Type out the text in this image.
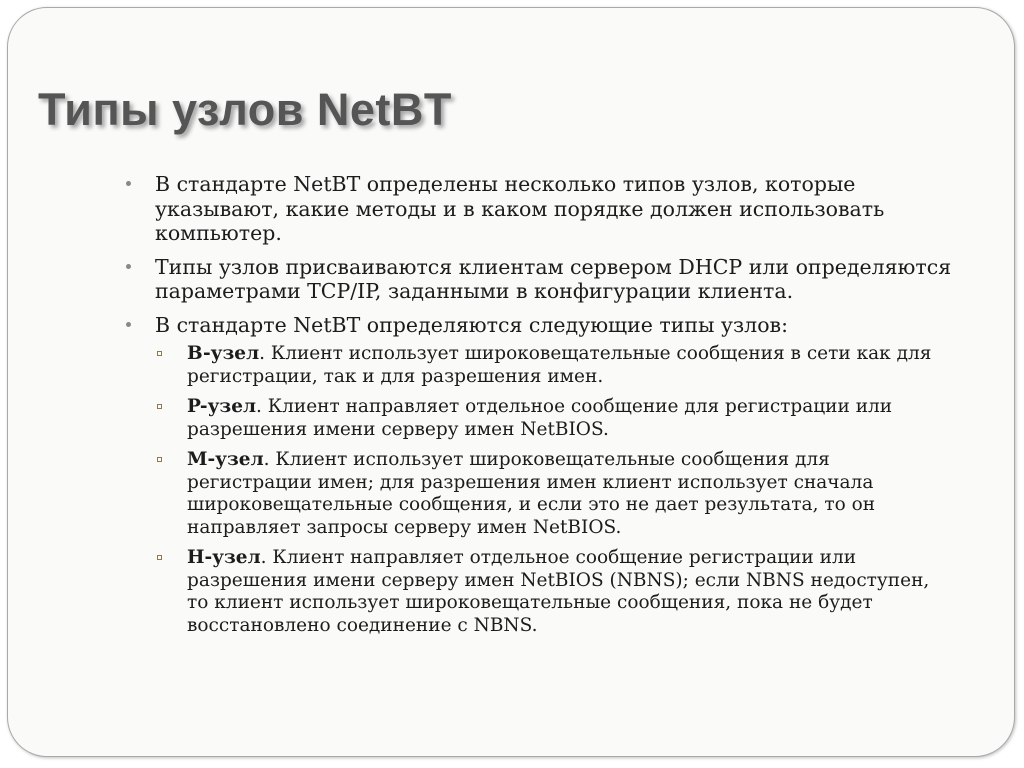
Типы узлов NetBT
В стандарте NetBT определены несколько типов узлов, которые указывают, какие методы и в каком порядке должен использовать компьютер.
Типы узлов присваиваются клиентам сервером DHCP или определяются параметрами TCP/IP, заданными в конфигурации клиента.
В стандарте NetBT определяются следующие типы узлов:
B-узел. Клиент использует широковещательные сообщения в сети как для регистрации, так и для разрешения имен.
P-узел. Клиент направляет отдельное сообщение для регистрации или разрешения имени серверу имен NetBIOS.
M-узел. Клиент использует широковещательные сообщения для регистрации имен; для разрешения имен клиент использует сначала широковещательные сообщения, и если это не дает результата, то он направляет запросы серверу имен NetBIOS.
H-узел. Клиент направляет отдельное сообщение регистрации или разрешения имени серверу имен NetBIOS (NBNS); если NBNS недоступен, то клиент использует широковещательные сообщения, пока не будет восстановлено соединение с NBNS.
